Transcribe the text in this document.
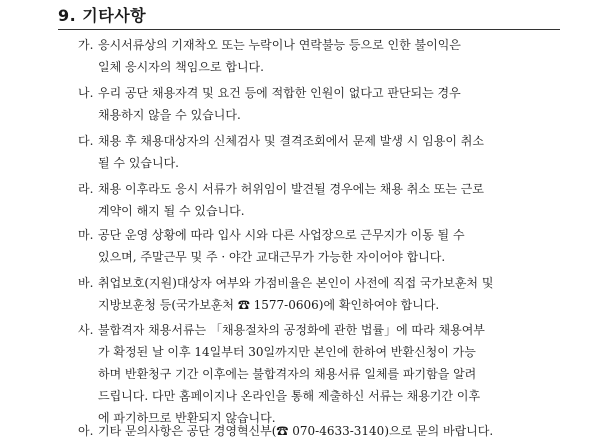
9. 기타사항
가. 응시서류상의 기재착오 또는 누락이나 연락불능 등으로 인한 불이익은
일체 응시자의 책임으로 합니다.
나. 우리 공단 채용자격 및 요건 등에 적합한 인원이 없다고 판단되는 경우
채용하지 않을 수 있습니다.
다. 채용 후 채용대상자의 신체검사 및 결격조회에서 문제 발생 시 임용이 취소
될 수 있습니다.
라. 채용 이후라도 응시 서류가 허위임이 발견될 경우에는 채용 취소 또는 근로
계약이 해지 될 수 있습니다.
마. 공단 운영 상황에 따라 입사 시와 다른 사업장으로 근무지가 이동 될 수
있으며, 주말근무 및 주 · 야간 교대근무가 가능한 자이어야 합니다.
바. 취업보호(지원)대상자 여부와 가점비율은 본인이 사전에 직접 국가보훈처 및
지방보훈청 등(국가보훈처 ☎ 1577-0606)에 확인하여야 합니다.
사. 불합격자 채용서류는 「채용절차의 공정화에 관한 법률」에 따라 채용여부
가 확정된 날 이후 14일부터 30일까지만 본인에 한하여 반환신청이 가능
하며 반환청구 기간 이후에는 불합격자의 채용서류 일체를 파기함을 알려
드립니다. 다만 홈페이지나 온라인을 통해 제출하신 서류는 채용기간 이후
에 파기하므로 반환되지 않습니다.
아. 기타 문의사항은 공단 경영혁신부(☎ 070-4633-3140)으로 문의 바랍니다.
